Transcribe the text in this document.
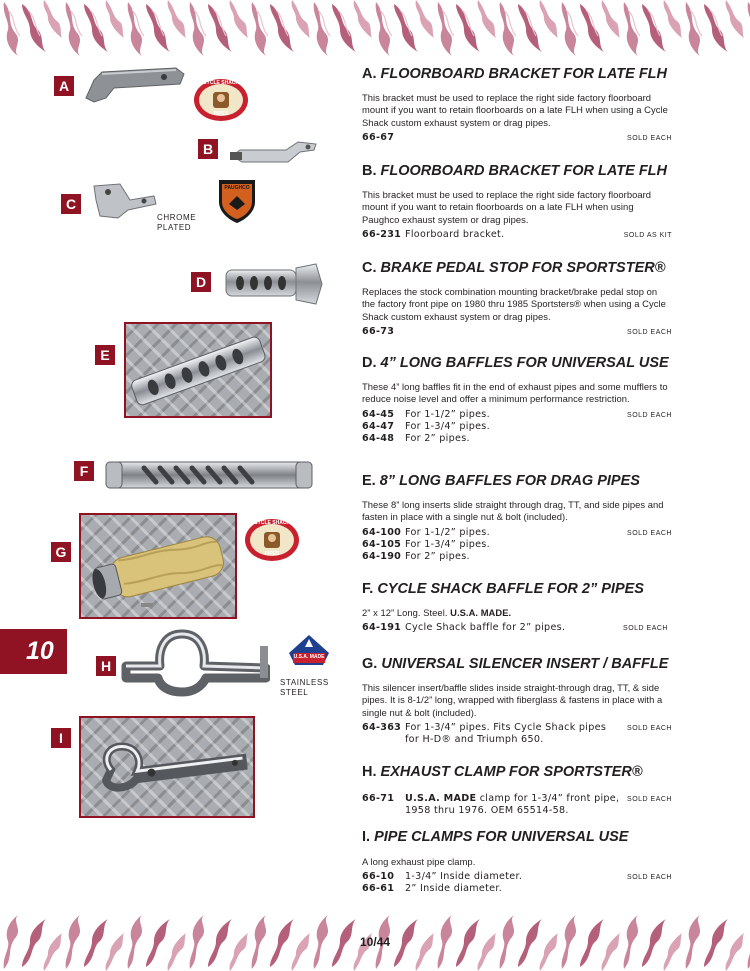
10/44
10
A	CYCLE SHACK
PIPES
B
C
CHROME
PLATED
PAUGHCO
D
E
F
G
CYCLE SHACK
PIPES
H
STAINLESS
STEEL
U.S.A. MADE
I
A. FLOORBOARD BRACKET FOR LATE FLH

This bracket must be used to replace the right side factory floorboard mount if you want to retain floorboards on a late FLH when using a Cycle Shack custom exhaust system or drag pipes.

66-67	SOLD EACH
B. FLOORBOARD BRACKET FOR LATE FLH

This bracket must be used to replace the right side factory floorboard mount if you want to retain floorboards on a late FLH when using Paughco exhaust system or drag pipes.

66-231 Floorboard bracket.	SOLD AS KIT
C. BRAKE PEDAL STOP FOR SPORTSTER®

Replaces the stock combination mounting bracket/brake pedal stop on the factory front pipe on 1980 thru 1985 Sportsters® when using a Cycle Shack custom exhaust system or drag pipes.

66-73	SOLD EACH
D. 4” LONG BAFFLES FOR UNIVERSAL USE

These 4” long baffles fit in the end of exhaust pipes and some mufflers to reduce noise level and offer a minimum performance restriction.

64-45 For 1-1/2” pipes.	SOLD EACH
64-47 For 1-3/4” pipes.
64-48 For 2” pipes.
E. 8” LONG BAFFLES FOR DRAG PIPES

These 8” long inserts slide straight through drag, TT, and side pipes and fasten in place with a single nut & bolt (included).

64-100 For 1-1/2” pipes.	SOLD EACH
64-105 For 1-3/4” pipes.
64-190 For 2” pipes.
F. CYCLE SHACK BAFFLE FOR 2” PIPES

2” x 12” Long. Steel. U.S.A. MADE.

64-191 Cycle Shack baffle for 2” pipes.	SOLD EACH
G. UNIVERSAL SILENCER INSERT / BAFFLE

This silencer insert/baffle slides inside straight-through drag, TT, & side pipes. It is 8-1/2” long, wrapped with fiberglass & fastens in place with a single nut & bolt (included).

64-363 For 1-3/4” pipes. Fits Cycle Shack pipes	SOLD EACH
for H-D® and Triumph 650.
H. EXHAUST CLAMP FOR SPORTSTER®
66-71 U.S.A. MADE clamp for 1-3/4” front pipe, SOLD EACH
1958 thru 1976. OEM 65514-58.
I. PIPE CLAMPS FOR UNIVERSAL USE

A long exhaust pipe clamp.

66-10 1-3/4” Inside diameter.	SOLD EACH
66-61 2” Inside diameter.
